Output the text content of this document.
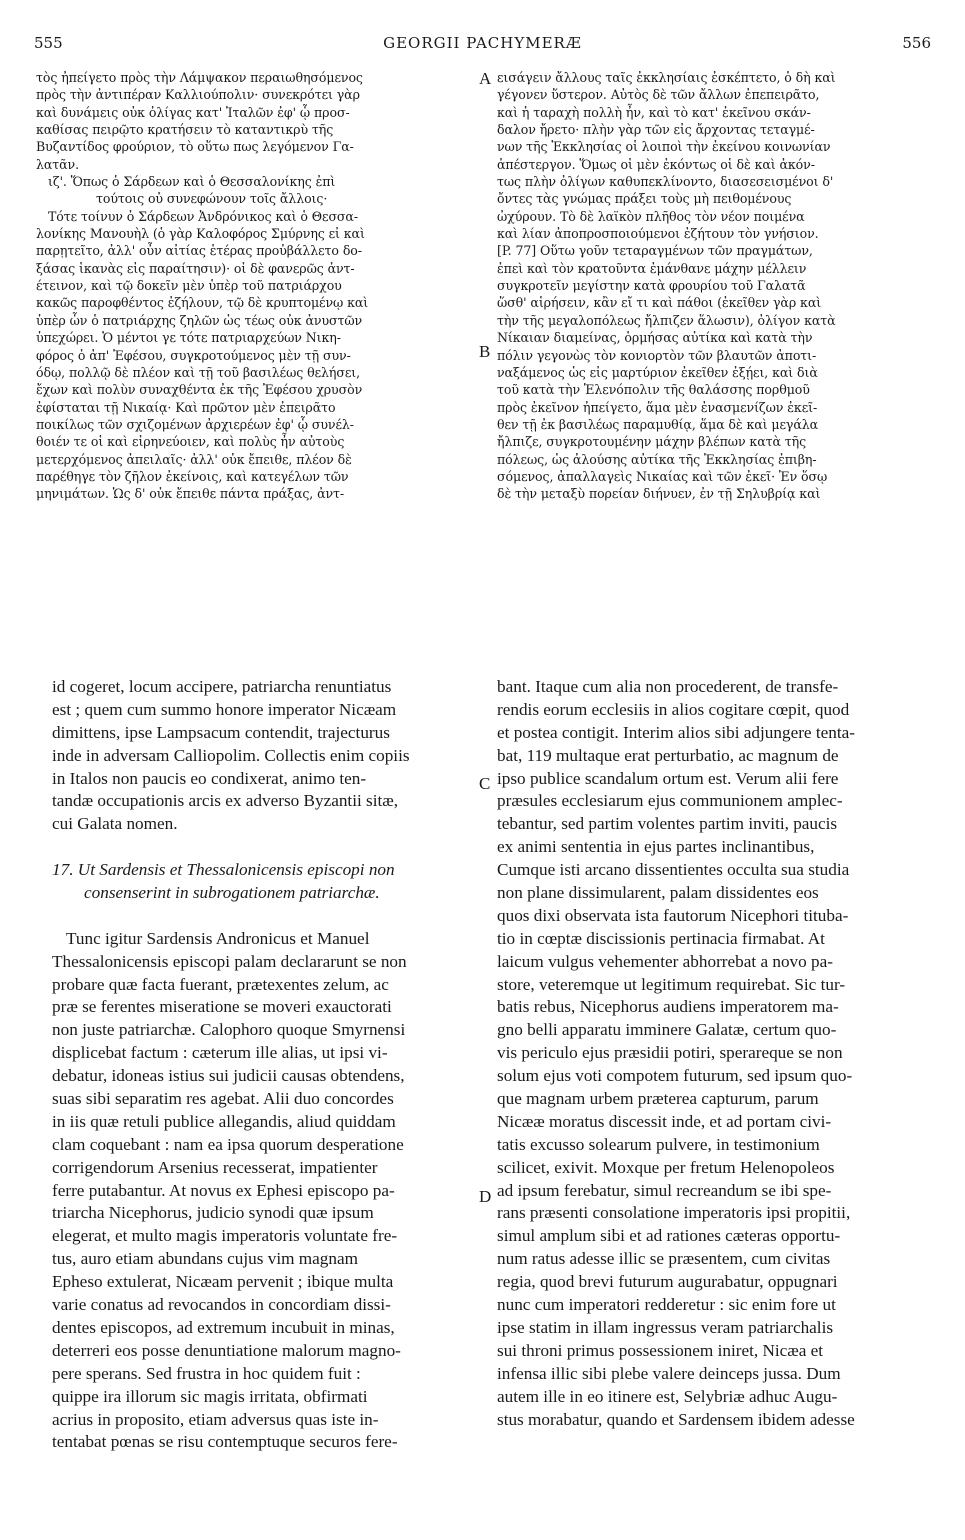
555	GEORGII PACHYMERÆ	556
τὸς ἠπείγετο πρὸς τὴν Λάμψακον περαιωθησόμενος
πρὸς τὴν ἀντιπέραν Καλλιούπολιν· συνεκρότει γὰρ
καὶ δυνάμεις οὐκ ὀλίγας κατ' Ἰταλῶν ἐφ' ᾧ προσ-
καθίσας πειρῷτο κρατήσειν τὸ καταντικρὺ τῆς
Βυζαντίδος φρούριον, τὸ οὕτω πως λεγόμενον Γα-
λατᾶν.
ιζ'. Ὅπως ὁ Σάρδεων καὶ ὁ Θεσσαλονίκης ἐπὶ
τούτοις οὐ συνεφώνουν τοῖς ἄλλοις·
Τότε τοίνυν ὁ Σάρδεων Ἀνδρόνικος καὶ ὁ Θεσσα-
λονίκης Μανουὴλ (ὁ γὰρ Καλοφόρος Σμύρνης εἰ καὶ
παρῃτεῖτο, ἀλλ' οὖν αἰτίας ἑτέρας προὐβάλλετο δο-
ξάσας ἱκανὰς εἰς παραίτησιν)· οἱ δὲ φανερῶς ἀντ-
έτεινον, καὶ τῷ δοκεῖν μὲν ὑπὲρ τοῦ πατριάρχου
κακῶς παροφθέντος ἐζήλουν, τῷ δὲ κρυπτομένῳ καὶ
ὑπὲρ ὧν ὁ πατριάρχης ζηλῶν ὡς τέως οὐκ ἀνυστῶν
ὑπεχώρει. Ὁ μέντοι γε τότε πατριαρχεύων Νικη-
φόρος ὁ ἀπ' Ἐφέσου, συγκροτούμενος μὲν τῇ συν-
όδῳ, πολλῷ δὲ πλέον καὶ τῇ τοῦ βασιλέως θελήσει,
ἔχων καὶ πολὺν συναχθέντα ἐκ τῆς Ἐφέσου χρυσὸν
ἐφίσταται τῇ Νικαίᾳ· Καὶ πρῶτον μὲν ἐπειρᾶτο
ποικίλως τῶν σχιζομένων ἀρχιερέων ἐφ' ᾧ συνέλ-
θοιέν τε οἱ καὶ εἰρηνεύοιεν, καὶ πολὺς ἦν αὐτοὺς
μετερχόμενος ἀπειλαῖς· ἀλλ' οὐκ ἔπειθε, πλέον δὲ
παρέθηγε τὸν ζῆλον ἐκείνοις, καὶ κατεγέλων τῶν
μηνιμάτων. Ὡς δ' οὐκ ἔπειθε πάντα πράξας, ἀντ-
εισάγειν ἄλλους ταῖς ἐκκλησίαις ἐσκέπτετο, ὁ δὴ καὶ
γέγονεν ὕστερον. Αὐτὸς δὲ τῶν ἄλλων ἐπεπειρᾶτο,
καὶ ἡ ταραχὴ πολλὴ ἦν, καὶ τὸ κατ' ἐκεῖνου σκάν-
δαλον ἤρετο· πλὴν γὰρ τῶν εἰς ἄρχοντας τεταγμέ-
νων τῆς Ἐκκλησίας οἱ λοιποὶ τὴν ἐκείνου κοινωνίαν
ἀπέστεργον. Ὅμως οἱ μὲν ἑκόντως οἱ δὲ καὶ ἀκόν-
τως πλὴν ὀλίγων καθυπεκλίνοντο, διασεσεισμένοι δ'
ὄντες τὰς γνώμας πράξει τοὺς μὴ πειθομένους
ὠχύρουν. Τὸ δὲ λαϊκὸν πλῆθος τὸν νέον ποιμένα
καὶ λίαν ἀποπροσποιούμενοι ἐζήτουν τὸν γνήσιον.
[P. 77] Οὕτω γοῦν τεταραγμένων τῶν πραγμάτων,
ἐπεὶ καὶ τὸν κρατοῦντα ἐμάνθανε μάχην μέλλειν
συγκροτεῖν μεγίστην κατὰ φρουρίου τοῦ Γαλατᾶ
ὥσθ' αἱρήσειν, κἂν εἴ τι καὶ πάθοι (ἐκεῖθεν γὰρ καὶ
τὴν τῆς μεγαλοπόλεως ἤλπιζεν ἅλωσιν), ὀλίγον κατὰ
Νίκαιαν διαμείνας, ὁρμήσας αὐτίκα καὶ κατὰ τὴν
πόλιν γεγονὼς τὸν κονιορτὸν τῶν βλαυτῶν ἀποτι-
ναξάμενος ὡς εἰς μαρτύριον ἐκεῖθεν ἐξῄει, καὶ διὰ
τοῦ κατὰ τὴν Ἑλενόπολιν τῆς θαλάσσης πορθμοῦ
πρὸς ἐκεῖνον ἠπείγετο, ἅμα μὲν ἐνασμενίζων ἐκεῖ-
θεν τῇ ἐκ βασιλέως παραμυθίᾳ, ἅμα δὲ καὶ μεγάλα
ἤλπιζε, συγκροτουμένην μάχην βλέπων κατὰ τῆς
πόλεως, ὡς ἀλούσης αὐτίκα τῆς Ἐκκλησίας ἐπιβη-
σόμενος, ἀπαλλαγεὶς Νικαίας καὶ τῶν ἐκεῖ· Ἐν ὅσῳ
δὲ τὴν μεταξὺ πορείαν διήνυεν, ἐν τῇ Σηλυβρίᾳ καὶ
A
B
id cogeret, locum accipere, patriarcha renuntiatus
est ; quem cum summo honore imperator Nicæam
dimittens, ipse Lampsacum contendit, trajecturus
inde in adversam Calliopolim. Collectis enim copiis
in Italos non paucis eo condixerat, animo ten-
tandæ occupationis arcis ex adverso Byzantii sitæ,
cui Galata nomen.
17. Ut Sardensis et Thessalonicensis episcopi non
consenserint in subrogationem patriarchæ.
Tunc igitur Sardensis Andronicus et Manuel
Thessalonicensis episcopi palam declararunt se non
probare quæ facta fuerant, prætexentes zelum, ac
præ se ferentes miseratione se moveri exauctorati
non juste patriarchæ. Calophoro quoque Smyrnensi
displicebat factum : cæterum ille alias, ut ipsi vi-
debatur, idoneas istius sui judicii causas obtendens,
suas sibi separatim res agebat. Alii duo concordes
in iis quæ retuli publice allegandis, aliud quiddam
clam coquebant : nam ea ipsa quorum desperatione
corrigendorum Arsenius recesserat, impatienter
ferre putabantur. At novus ex Ephesi episcopo pa-
triarcha Nicephorus, judicio synodi quæ ipsum
elegerat, et multo magis imperatoris voluntate fre-
tus, auro etiam abundans cujus vim magnam
Epheso extulerat, Nicæam pervenit ; ibique multa
varie conatus ad revocandos in concordiam dissi-
dentes episcopos, ad extremum incubuit in minas,
deterreri eos posse denuntiatione malorum magno-
pere sperans. Sed frustra in hoc quidem fuit :
quippe ira illorum sic magis irritata, obfirmati
acrius in proposito, etiam adversus quas iste in-
tentabat pœnas se risu contemptuque securos fere-
bant. Itaque cum alia non procederent, de transfe-
rendis eorum ecclesiis in alios cogitare cœpit, quod
et postea contigit. Interim alios sibi adjungere tenta-
bat, 119 multaque erat perturbatio, ac magnum de
ipso publice scandalum ortum est. Verum alii fere
præsules ecclesiarum ejus communionem amplec-
tebantur, sed partim volentes partim inviti, paucis
ex animi sententia in ejus partes inclinantibus,
Cumque isti arcano dissentientes occulta sua studia
non plane dissimularent, palam dissidentes eos
quos dixi observata ista fautorum Nicephori tituba-
tio in cœptæ discissionis pertinacia firmabat. At
laicum vulgus vehementer abhorrebat a novo pa-
store, veteremque ut legitimum requirebat. Sic tur-
batis rebus, Nicephorus audiens imperatorem ma-
gno belli apparatu imminere Galatæ, certum quo-
vis periculo ejus præsidii potiri, sperareque se non
solum ejus voti compotem futurum, sed ipsum quo-
que magnam urbem præterea capturum, parum
Nicææ moratus discessit inde, et ad portam civi-
tatis excusso solearum pulvere, in testimonium
scilicet, exivit. Moxque per fretum Helenopoleos
ad ipsum ferebatur, simul recreandum se ibi spe-
rans præsenti consolatione imperatoris ipsi propitii,
simul amplum sibi et ad rationes cæteras opportu-
num ratus adesse illic se præsentem, cum civitas
regia, quod brevi futurum augurabatur, oppugnari
nunc cum imperatori redderetur : sic enim fore ut
ipse statim in illam ingressus veram patriarchalis
sui throni primus possessionem iniret, Nicæa et
infensa illic sibi plebe valere deinceps jussa. Dum
autem ille in eo itinere est, Selybriæ adhuc Augu-
stus morabatur, quando et Sardensem ibidem adesse
C
D
